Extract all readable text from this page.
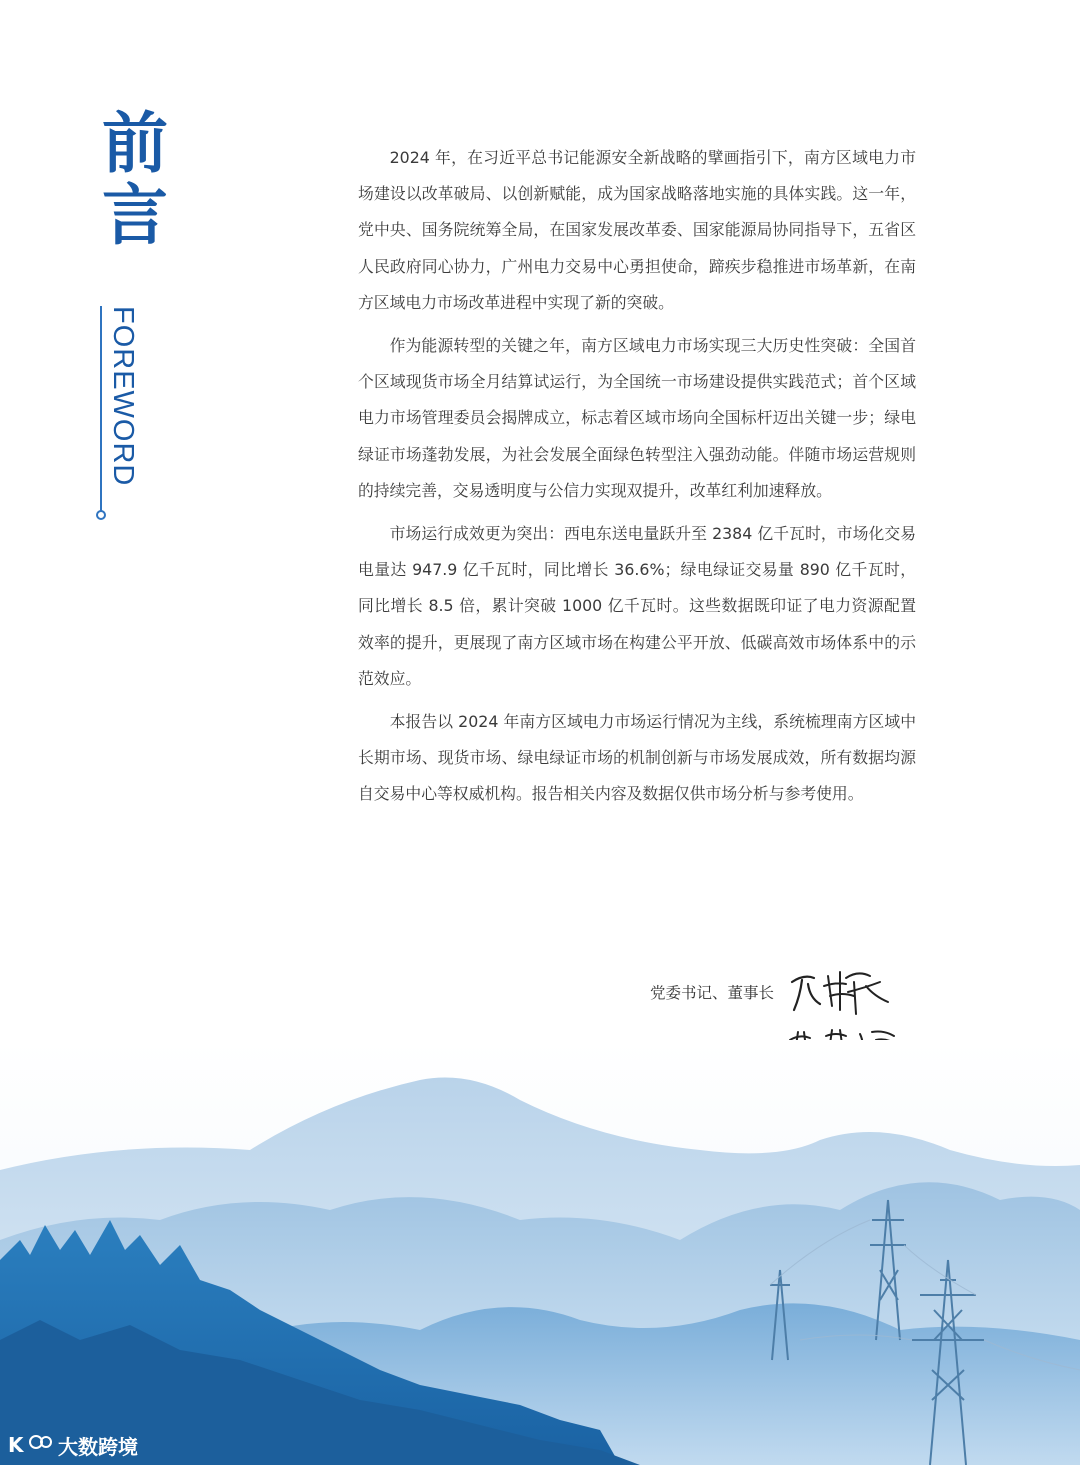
前
言
FOREWORD

2024 年，在习近平总书记能源安全新战略的擘画指引下，南方区域电力市场建设以改革破局、以创新赋能，成为国家战略落地实施的具体实践。这一年，党中央、国务院统筹全局，在国家发展改革委、国家能源局协同指导下，五省区人民政府同心协力，广州电力交易中心勇担使命，蹄疾步稳推进市场革新，在南方区域电力市场改革进程中实现了新的突破。

作为能源转型的关键之年，南方区域电力市场实现三大历史性突破：全国首个区域现货市场全月结算试运行，为全国统一市场建设提供实践范式；首个区域电力市场管理委员会揭牌成立，标志着区域市场向全国标杆迈出关键一步；绿电绿证市场蓬勃发展，为社会发展全面绿色转型注入强劲动能。伴随市场运营规则的持续完善，交易透明度与公信力实现双提升，改革红利加速释放。

市场运行成效更为突出：西电东送电量跃升至 2384 亿千瓦时，市场化交易电量达 947.9 亿千瓦时，同比增长 36.6%；绿电绿证交易量 890 亿千瓦时，同比增长 8.5 倍，累计突破 1000 亿千瓦时。这些数据既印证了电力资源配置效率的提升，更展现了南方区域市场在构建公平开放、低碳高效市场体系中的示范效应。

本报告以 2024 年南方区域电力市场运行情况为主线，系统梳理南方区域中长期市场、现货市场、绿电绿证市场的机制创新与市场发展成效，所有数据均源自交易中心等权威机构。报告相关内容及数据仅供市场分析与参考使用。

党委书记、董事长
K 大数跨境
